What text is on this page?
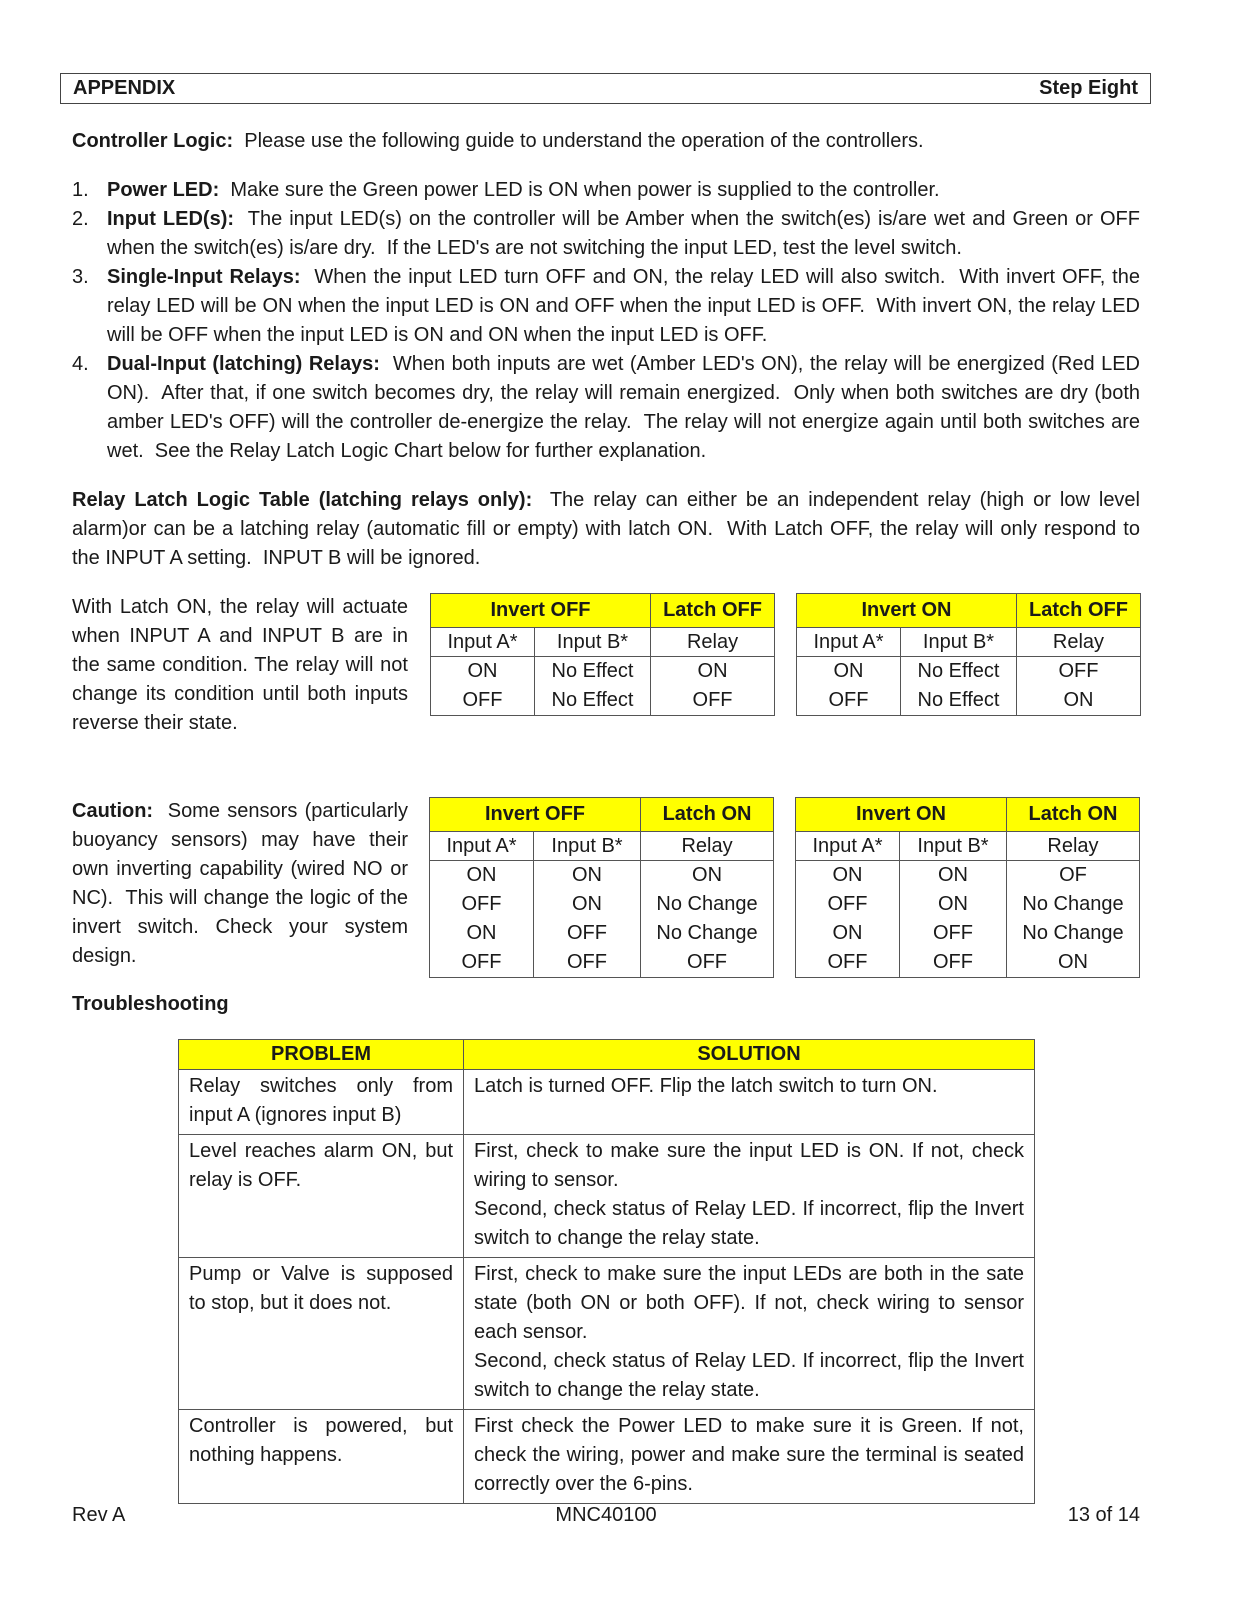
APPENDIX	Step Eight
Controller Logic:  Please use the following guide to understand the operation of the controllers.
1. Power LED:  Make sure the Green power LED is ON when power is supplied to the controller.
2. Input LED(s):  The input LED(s) on the controller will be Amber when the switch(es) is/are wet and Green or OFF when the switch(es) is/are dry.  If the LED's are not switching the input LED, test the level switch.
3. Single-Input Relays:  When the input LED turn OFF and ON, the relay LED will also switch.  With invert OFF, the relay LED will be ON when the input LED is ON and OFF when the input LED is OFF.  With invert ON, the relay LED will be OFF when the input LED is ON and ON when the input LED is OFF.
4. Dual-Input (latching) Relays:  When both inputs are wet (Amber LED's ON), the relay will be energized (Red LED ON).  After that, if one switch becomes dry, the relay will remain energized.  Only when both switches are dry (both amber LED's OFF) will the controller de-energize the relay.  The relay will not energize again until both switches are wet.  See the Relay Latch Logic Chart below for further explanation.
Relay Latch Logic Table (latching relays only):  The relay can either be an independent relay (high or low level alarm)or can be a latching relay (automatic fill or empty) with latch ON.  With Latch OFF, the relay will only respond to the INPUT A setting.  INPUT B will be ignored.
With Latch ON, the relay will actuate when INPUT A and INPUT B are in the same condition. The relay will not change its condition until both inputs reverse their state.
Caution:  Some sensors (particularly buoyancy sensors) may have their own inverting capability (wired NO or NC).  This will change the logic of the invert switch. Check your system design.
Invert OFF		Latch OFF
Input A*	Input B*	Relay
ON	No Effect	ON
OFF	No Effect	OFF
Invert ON		Latch OFF
Input A*	Input B*	Relay
ON	No Effect	OFF
OFF	No Effect	ON
Invert OFF		Latch ON
Input A*	Input B*	Relay
ON	ON	ON
OFF	ON	No Change
ON	OFF	No Change
OFF	OFF	OFF
Invert ON		Latch ON
Input A*	Input B*	Relay
ON	ON	OF
OFF	ON	No Change
ON	OFF	No Change
OFF	OFF	ON
Troubleshooting
PROBLEM	SOLUTION
Relay switches only from input A (ignores input B)	Latch is turned OFF. Flip the latch switch to turn ON.

Level reaches alarm ON, but relay is OFF.	First, check to make sure the input LED is ON. If not, check wiring to sensor.
Second, check status of Relay LED. If incorrect, flip the Invert switch to change the relay state.

Pump or Valve is supposed to stop, but it does not.	First, check to make sure the input LEDs are both in the sate state (both ON or both OFF). If not, check wiring to sensor each sensor.
Second, check status of Relay LED. If incorrect, flip the Invert switch to change the relay state.

Controller is powered, but nothing happens.	First check the Power LED to make sure it is Green. If not, check the wiring, power and make sure the terminal is seated correctly over the 6-pins.
Rev A	MNC40100	13 of 14
